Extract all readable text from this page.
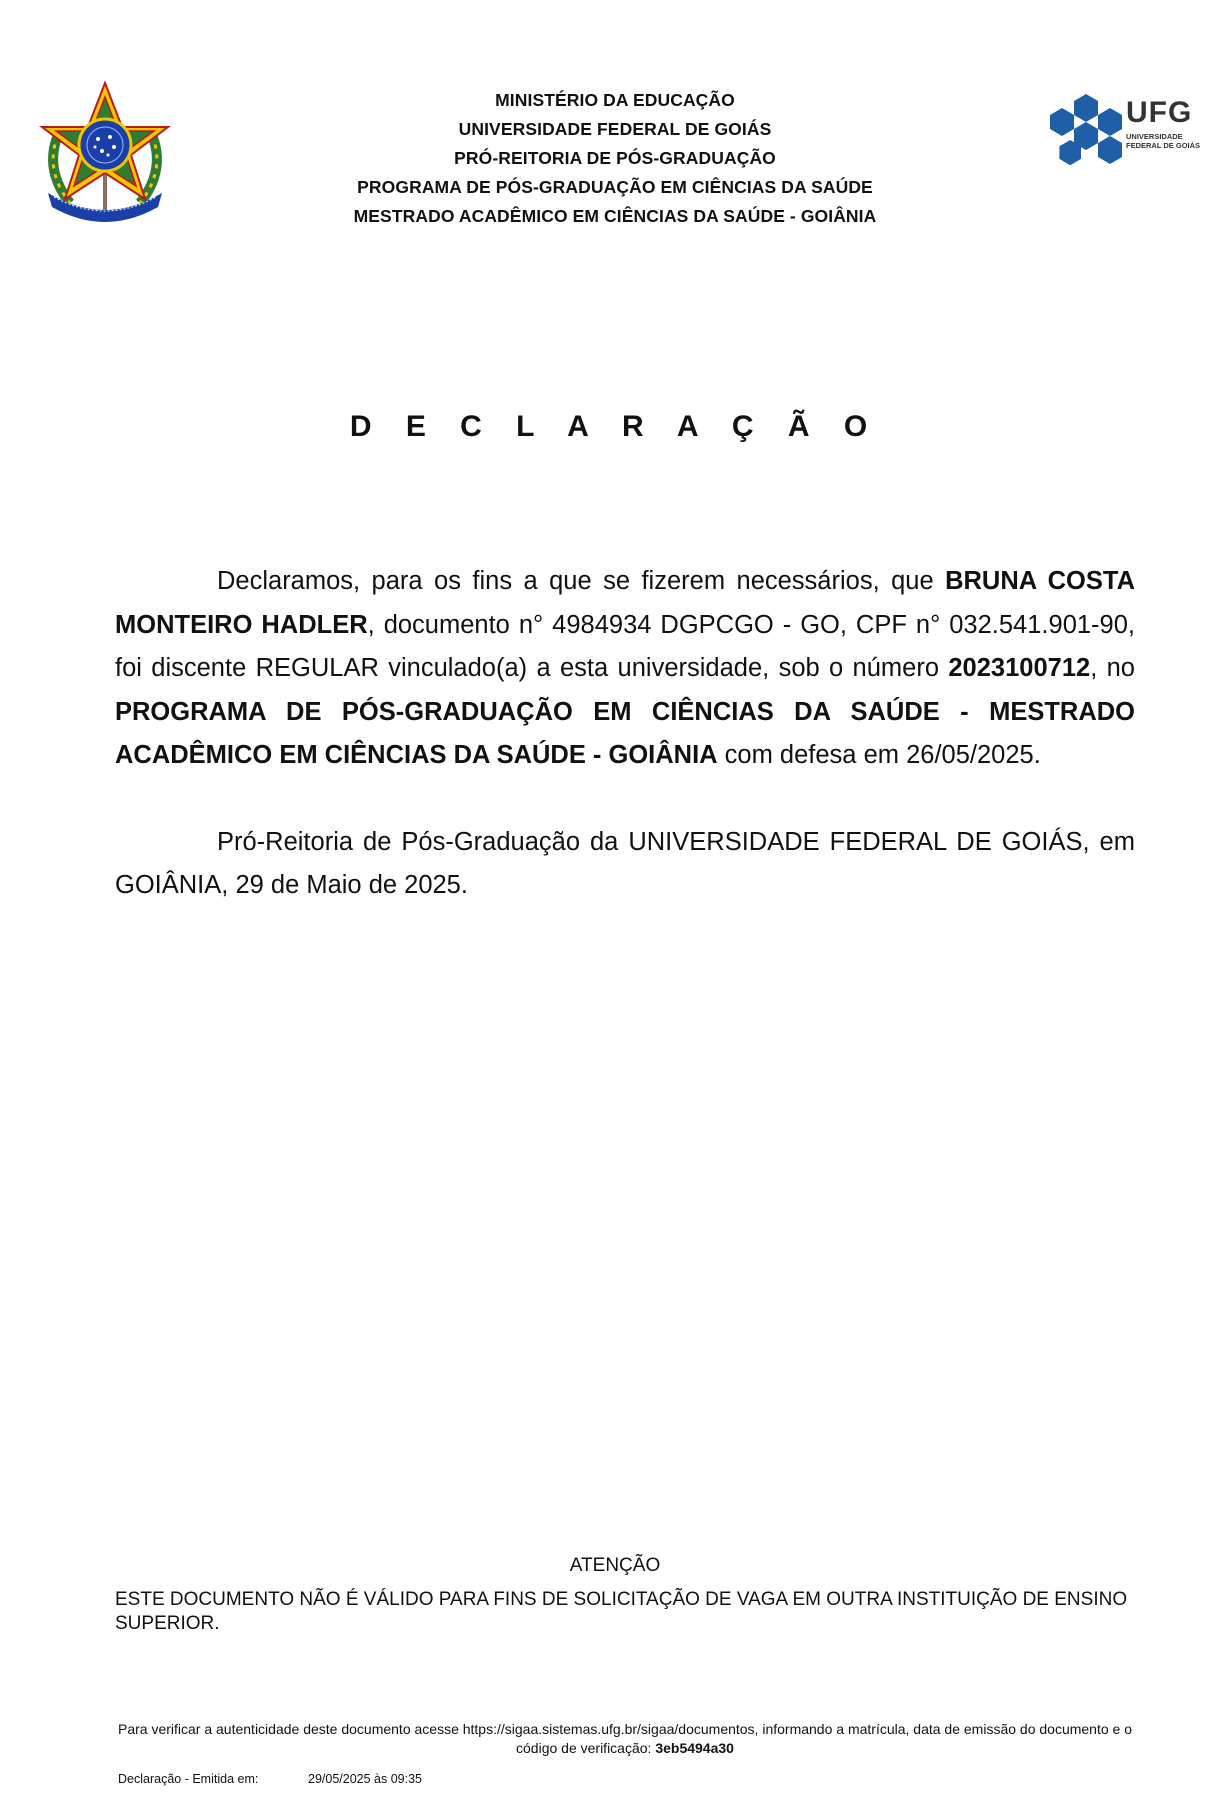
MINISTÉRIO DA EDUCAÇÃO
UNIVERSIDADE FEDERAL DE GOIÁS
PRÓ-REITORIA DE PÓS-GRADUAÇÃO
PROGRAMA DE PÓS-GRADUAÇÃO EM CIÊNCIAS DA SAÚDE
MESTRADO ACADÊMICO EM CIÊNCIAS DA SAÚDE - GOIÂNIA
UFG
UNIVERSIDADE
FEDERAL DE GOIÁS
D E C L A R A Ç Ã O

Declaramos, para os fins a que se fizerem necessários, que BRUNA COSTA MONTEIRO HADLER, documento n° 4984934 DGPCGO - GO, CPF n° 032.541.901-90, foi discente REGULAR vinculado(a) a esta universidade, sob o número 2023100712, no PROGRAMA DE PÓS-GRADUAÇÃO EM CIÊNCIAS DA SAÚDE - MESTRADO ACADÊMICO EM CIÊNCIAS DA SAÚDE - GOIÂNIA com defesa em 26/05/2025.

Pró-Reitoria de Pós-Graduação da UNIVERSIDADE FEDERAL DE GOIÁS, em GOIÂNIA, 29 de Maio de 2025.

ATENÇÃO
ESTE DOCUMENTO NÃO É VÁLIDO PARA FINS DE SOLICITAÇÃO DE VAGA EM OUTRA INSTITUIÇÃO DE ENSINO SUPERIOR.
Para verificar a autenticidade deste documento acesse https://sigaa.sistemas.ufg.br/sigaa/documentos, informando a matrícula, data de emissão do documento e o código de verificação: 3eb5494a30
Declaração - Emitida em:	29/05/2025 às 09:35
